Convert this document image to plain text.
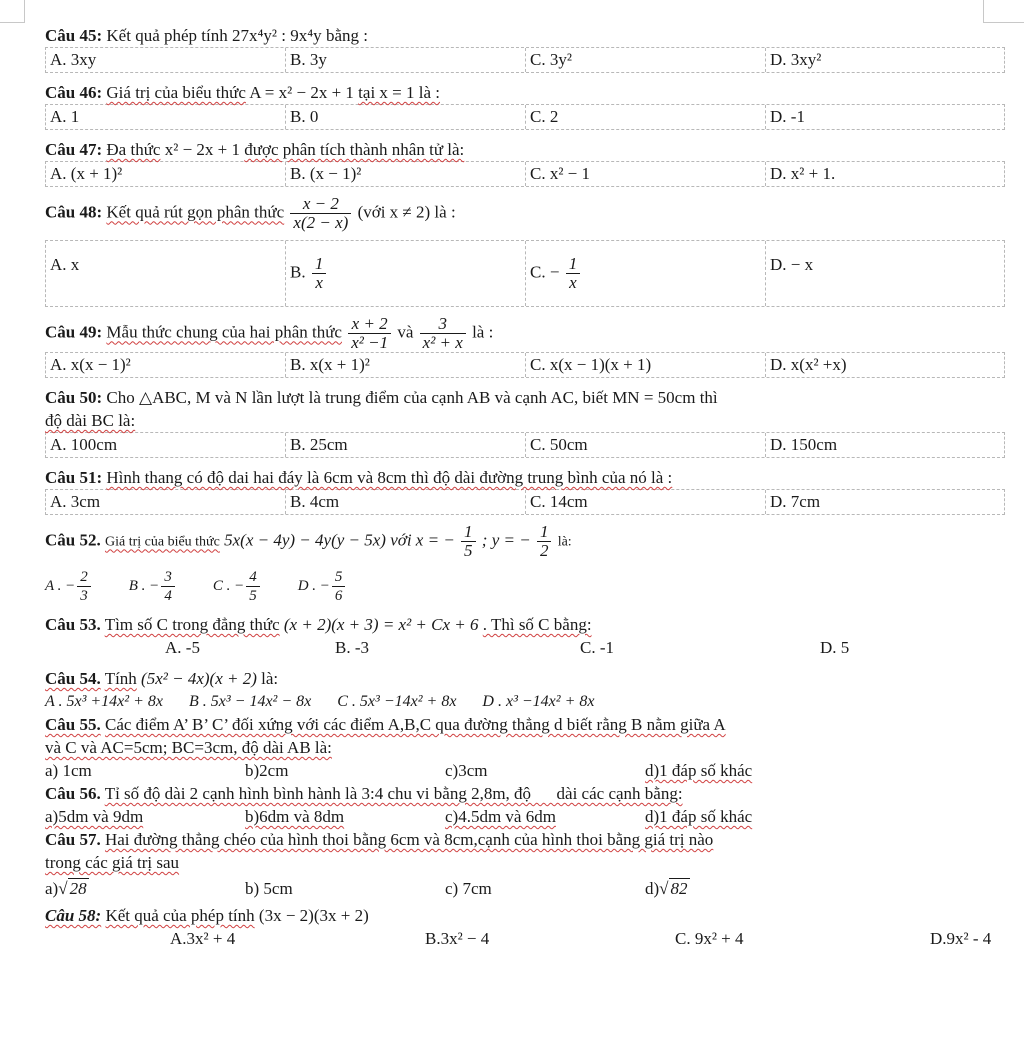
Câu 45: Kết quả phép tính 27x⁴y² : 9x⁴y bằng :
A. 3xy	B. 3y	C. 3y²	D. 3xy²
Câu 46: Giá trị của biểu thức A = x² − 2x + 1 tại x = 1 là :
A. 1	B. 0	C. 2	D. -1
Câu 47: Đa thức x² − 2x + 1 được phân tích thành nhân tử là:
A. (x + 1)²	B. (x − 1)²	C. x² − 1	D. x² + 1.
Câu 48: Kết quả rút gọn phân thức $\frac{x - 2}{x(2 - x)}$ (với x ≠ 2) là :
A. x	B. $\frac{1}{x}$	C. − $\frac{1}{x}$	D. − x
Câu 49: Mẫu thức chung của hai phân thức $\frac{x + 2}{\text{x² −1}}$ và $\frac{3}{\text{x² + x}}$ là :
A. x(x − 1)²	B. x(x + 1)²	C. x(x − 1)(x + 1)	D. x(x² +x)
Câu 50: Cho △ABC, M và N lần lượt là trung điểm của cạnh AB và cạnh AC, biết MN = 50cm thì
độ dài BC là:
A. 100cm	B. 25cm	C. 50cm	D. 150cm
Câu 51: Hình thang có độ dai hai đáy là 6cm và 8cm thì độ dài đường trung bình của nó là :
A. 3cm	B. 4cm	C. 14cm	D. 7cm
Câu 52. Giá trị của biểu thức 5x(x − 4y) − 4y(y − 5x) với x = − $\frac{1}{5}$ ; y = − $\frac{1}{2}$ là:
A . − $\frac{2}{3}$	B . − $\frac{3}{4}$	C . − $\frac{4}{5}$	D . − $\frac{5}{6}$
Câu 53. Tìm số C trong đẳng thức (x + 2)(x + 3) = x² + Cx + 6 . Thì số C bằng:
A. -5	B. -3	C. -1	D. 5
Câu 54. Tính (5x² − 4x)(x + 2) là:
A . 5x³ +14x² + 8x B . 5x³ − 14x² − 8x C . 5x³ −14x² + 8x D . x³ −14x² + 8x
Câu 55. Các điểm A’ B’ C’ đối xứng với các điểm A,B,C qua đường thẳng d biết rằng B nằm giữa A
và C và AC=5cm; BC=3cm, độ dài AB là:
a) 1cm	b)2cm	c)3cm	d)1 đáp số khác
Câu 56. Tỉ số độ dài 2 cạnh hình bình hành là 3:4 chu vi bằng 2,8m, độ      dài các cạnh bằng:
a)5dm và 9dm	b)6dm và 8dm	c)4.5dm và 6dm	d)1 đáp số khác
Câu 57. Hai đường thẳng chéo của hình thoi bằng 6cm và 8cm,cạnh của hình thoi bằng giá trị nào
trong các giá trị sau
a)√ 28	b) 5cm	c) 7cm	d)√ 82
Câu 58: Kết quả của phép tính (3x − 2)(3x + 2)
A.3x² + 4	B.3x² − 4	C. 9x² + 4	D.9x² - 4
